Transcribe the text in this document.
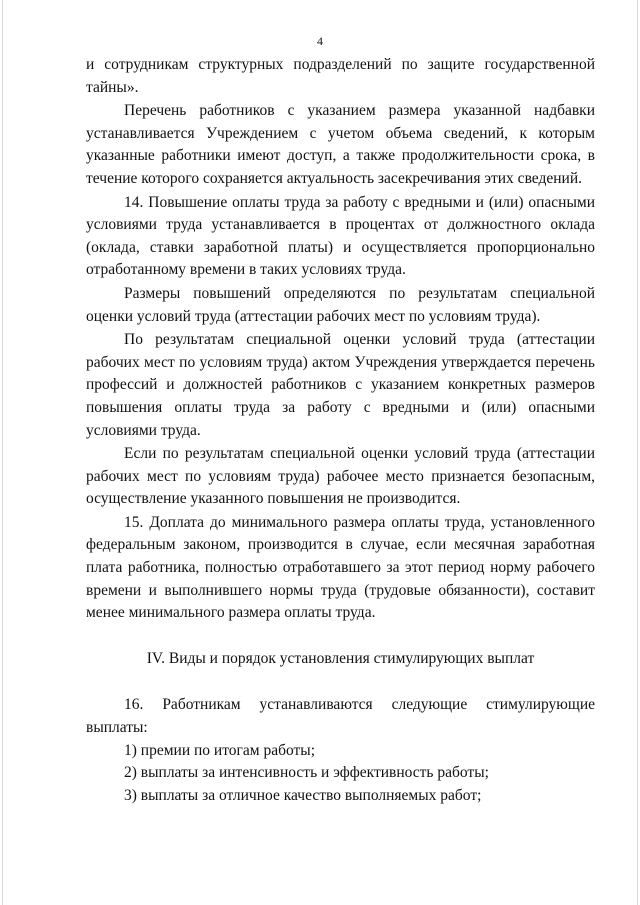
4

и сотрудникам структурных подразделений по защите государственной тайны».

Перечень работников с указанием размера указанной надбавки устанавливается Учреждением с учетом объема сведений, к которым указанные работники имеют доступ, а также продолжительности срока, в течение которого сохраняется актуальность засекречивания этих сведений.

14. Повышение оплаты труда за работу с вредными и (или) опасными условиями труда устанавливается в процентах от должностного оклада (оклада, ставки заработной платы) и осуществляется пропорционально отработанному времени в таких условиях труда.

Размеры повышений определяются по результатам специальной оценки условий труда (аттестации рабочих мест по условиям труда).

По результатам специальной оценки условий труда (аттестации рабочих мест по условиям труда) актом Учреждения утверждается перечень профессий и должностей работников с указанием конкретных размеров повышения оплаты труда за работу с вредными и (или) опасными условиями труда.

Если по результатам специальной оценки условий труда (аттестации рабочих мест по условиям труда) рабочее место признается безопасным, осуществление указанного повышения не производится.

15. Доплата до минимального размера оплаты труда, установленного федеральным законом, производится в случае, если месячная заработная плата работника, полностью отработавшего за этот период норму рабочего времени и выполнившего нормы труда (трудовые обязанности), составит менее минимального размера оплаты труда.

IV. Виды и порядок установления стимулирующих выплат

16. Работникам устанавливаются следующие стимулирующие выплаты:

1) премии по итогам работы;

2) выплаты за интенсивность и эффективность работы;

3) выплаты за отличное качество выполняемых работ;
